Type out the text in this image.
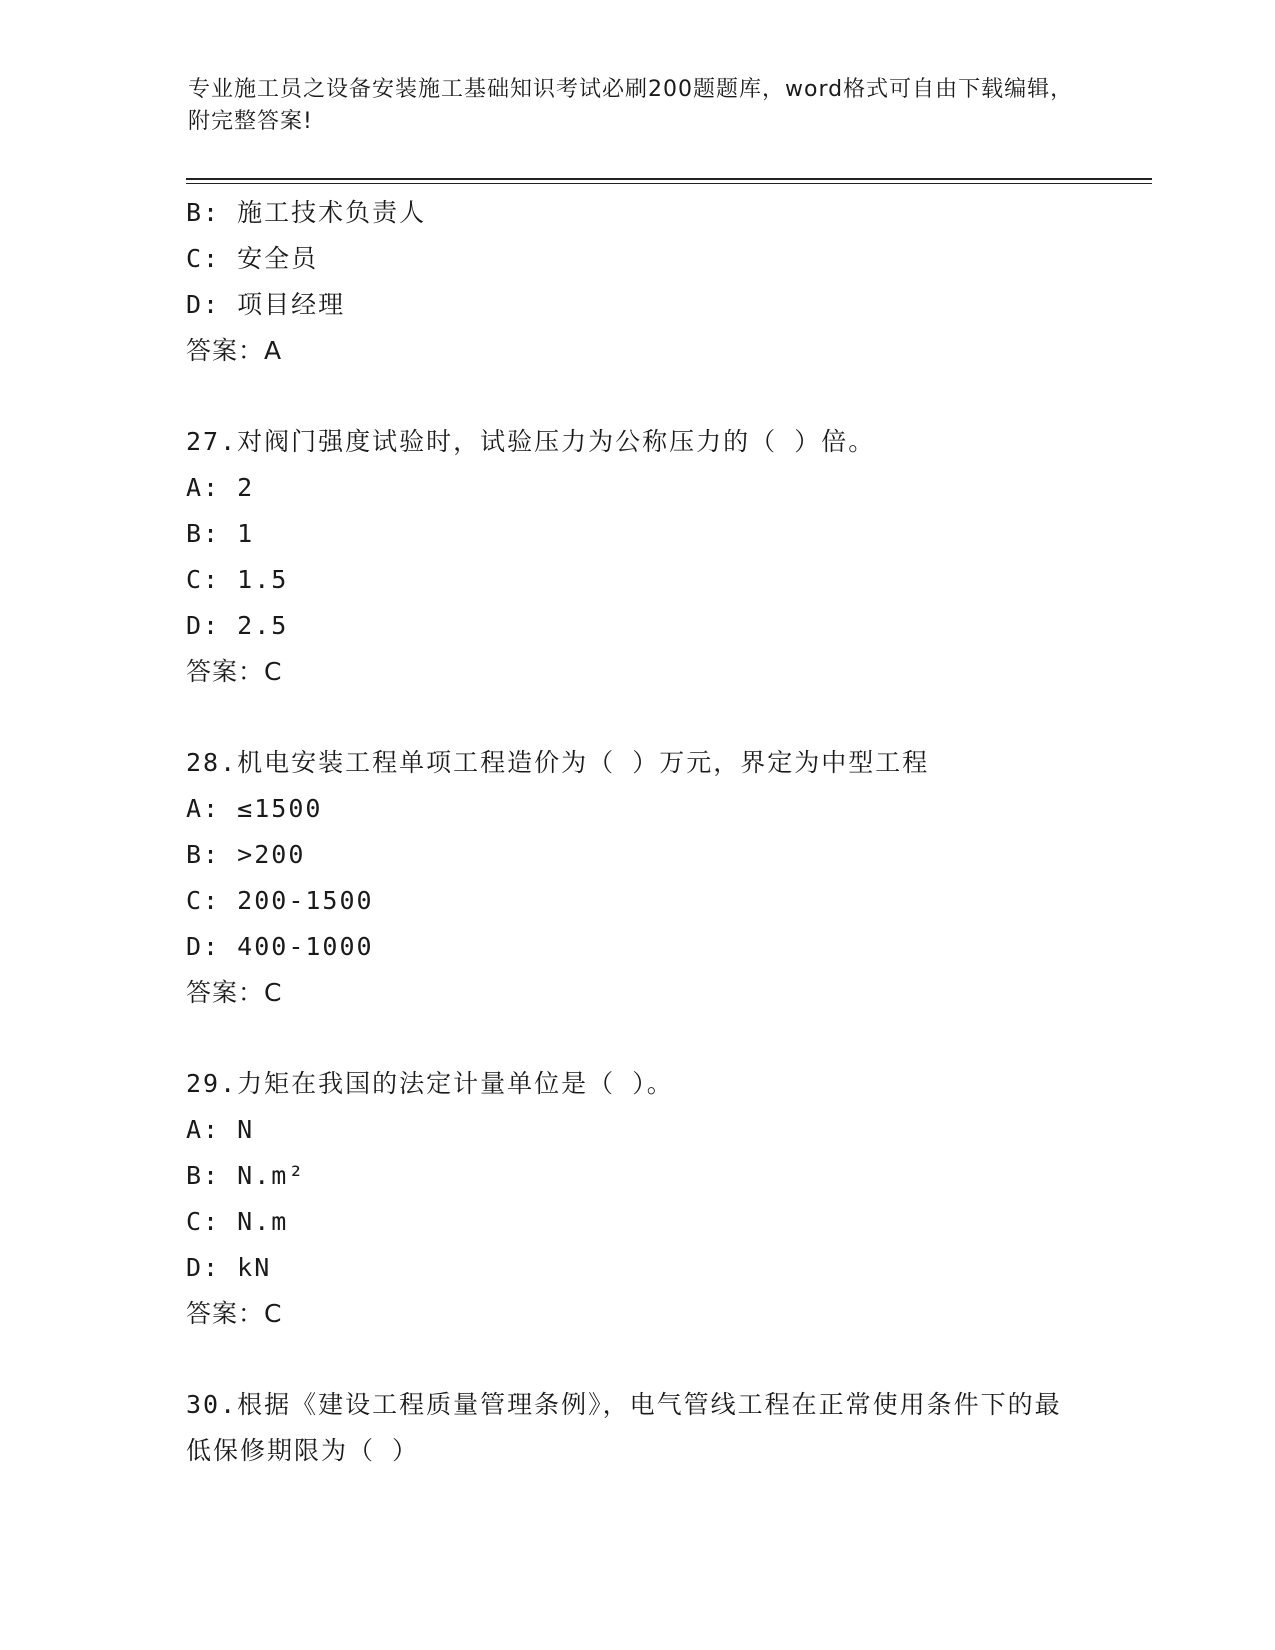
专业施工员之设备安装施工基础知识考试必刷200题题库，word格式可自由下载编辑，附完整答案!
B: 施工技术负责人
C: 安全员
D: 项目经理
答案：A
27.对阀门强度试验时，试验压力为公称压力的（ ）倍。
A: 2
B: 1
C: 1.5
D: 2.5
答案：C
28.机电安装工程单项工程造价为（ ）万元，界定为中型工程
A: ≤1500
B: >200
C: 200-1500
D: 400-1000
答案：C
29.力矩在我国的法定计量单位是（ ）。
A: N
B: N.m²
C: N.m
D: kN
答案：C
30.根据《建设工程质量管理条例》，电气管线工程在正常使用条件下的最低保修期限为（ ）
